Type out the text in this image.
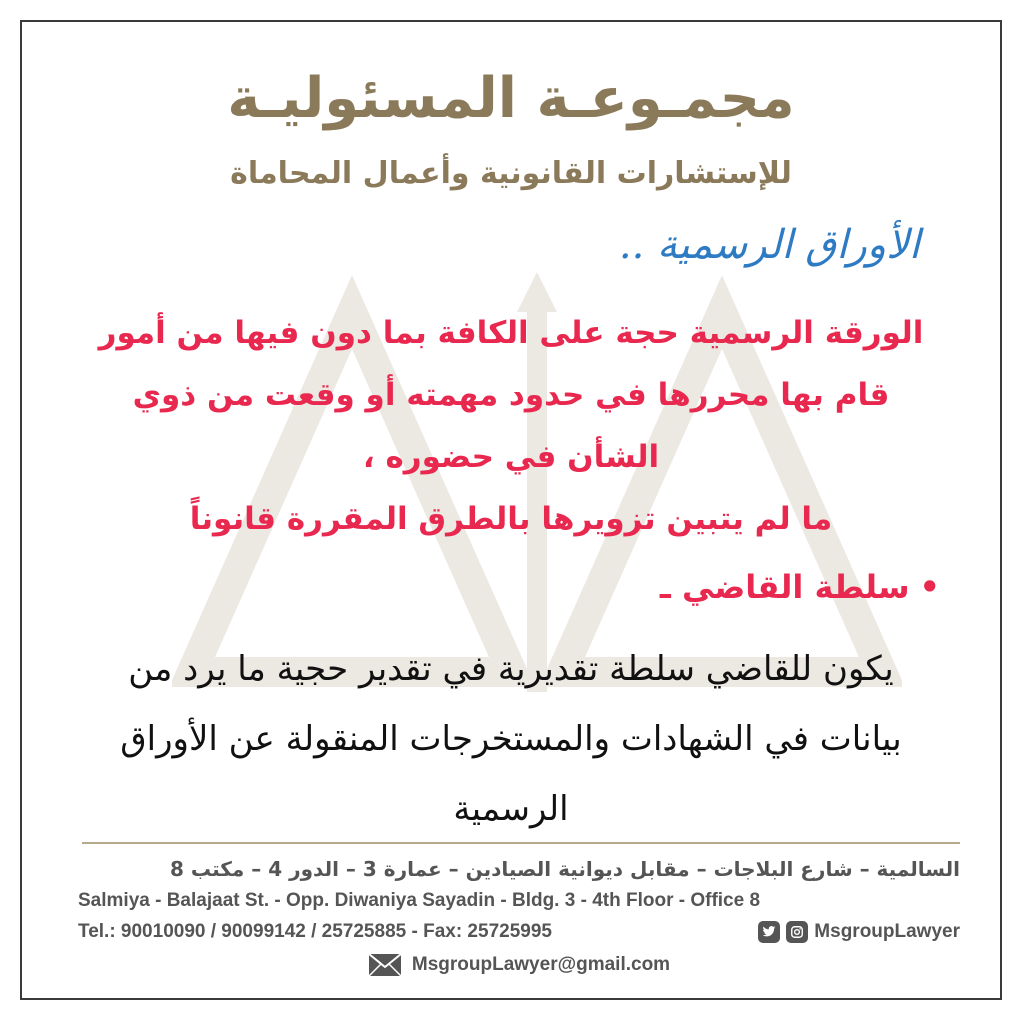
مجمـوعـة المسئوليـة
للإستشارات القانونية وأعمال المحاماة
الأوراق الرسمية ..
الورقة الرسمية حجة على الكافة بما دون فيها من أمور
قام بها محررها في حدود مهمته أو وقعت من ذوي
الشأن في حضوره ،
ما لم يتبين تزويرها بالطرق المقررة قانوناً
•سلطة القاضي ـ
يكون للقاضي سلطة تقديرية في تقدير حجية ما يرد من
بيانات في الشهادات والمستخرجات المنقولة عن الأوراق
الرسمية
السالمية – شارع البلاجات – مقابل ديوانية الصيادين – عمارة 3 – الدور 4 – مكتب 8
Salmiya - Balajaat St. - Opp. Diwaniya Sayadin - Bldg. 3 - 4th Floor - Office 8
Tel.: 90010090 / 90099142 / 25725885 - Fax: 25725995	MsgroupLawyer
MsgroupLawyer@gmail.com
